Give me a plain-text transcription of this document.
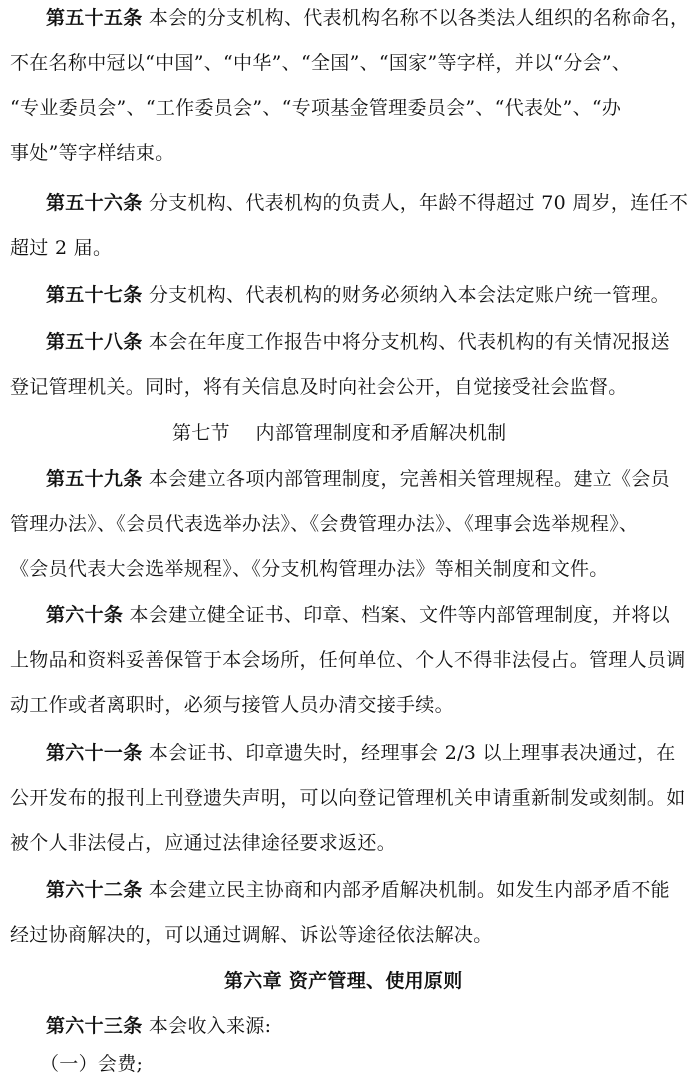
第五十五条 本会的分支机构、代表机构名称不以各类法人组织的名称命名，
不在名称中冠以“中国”、“中华”、“全国”、“国家”等字样，并以“分会”、
“专业委员会”、“工作委员会”、“专项基金管理委员会”、“代表处”、“办
事处”等字样结束。
第五十六条 分支机构、代表机构的负责人，年龄不得超过 70 周岁，连任不
超过 2 届。
第五十七条 分支机构、代表机构的财务必须纳入本会法定账户统一管理。
第五十八条 本会在年度工作报告中将分支机构、代表机构的有关情况报送
登记管理机关。同时，将有关信息及时向社会公开，自觉接受社会监督。
第七节　 内部管理制度和矛盾解决机制
第五十九条 本会建立各项内部管理制度，完善相关管理规程。建立《会员
管理办法》、《会员代表选举办法》、《会费管理办法》、《理事会选举规程》、
《会员代表大会选举规程》、《分支机构管理办法》等相关制度和文件。
第六十条 本会建立健全证书、印章、档案、文件等内部管理制度，并将以
上物品和资料妥善保管于本会场所，任何单位、个人不得非法侵占。管理人员调
动工作或者离职时，必须与接管人员办清交接手续。
第六十一条 本会证书、印章遗失时，经理事会 2/3 以上理事表决通过，在
公开发布的报刊上刊登遗失声明，可以向登记管理机关申请重新制发或刻制。如
被个人非法侵占，应通过法律途径要求返还。
第六十二条 本会建立民主协商和内部矛盾解决机制。如发生内部矛盾不能
经过协商解决的，可以通过调解、诉讼等途径依法解决。
第六章 资产管理、使用原则
第六十三条 本会收入来源:
（一）会费;
